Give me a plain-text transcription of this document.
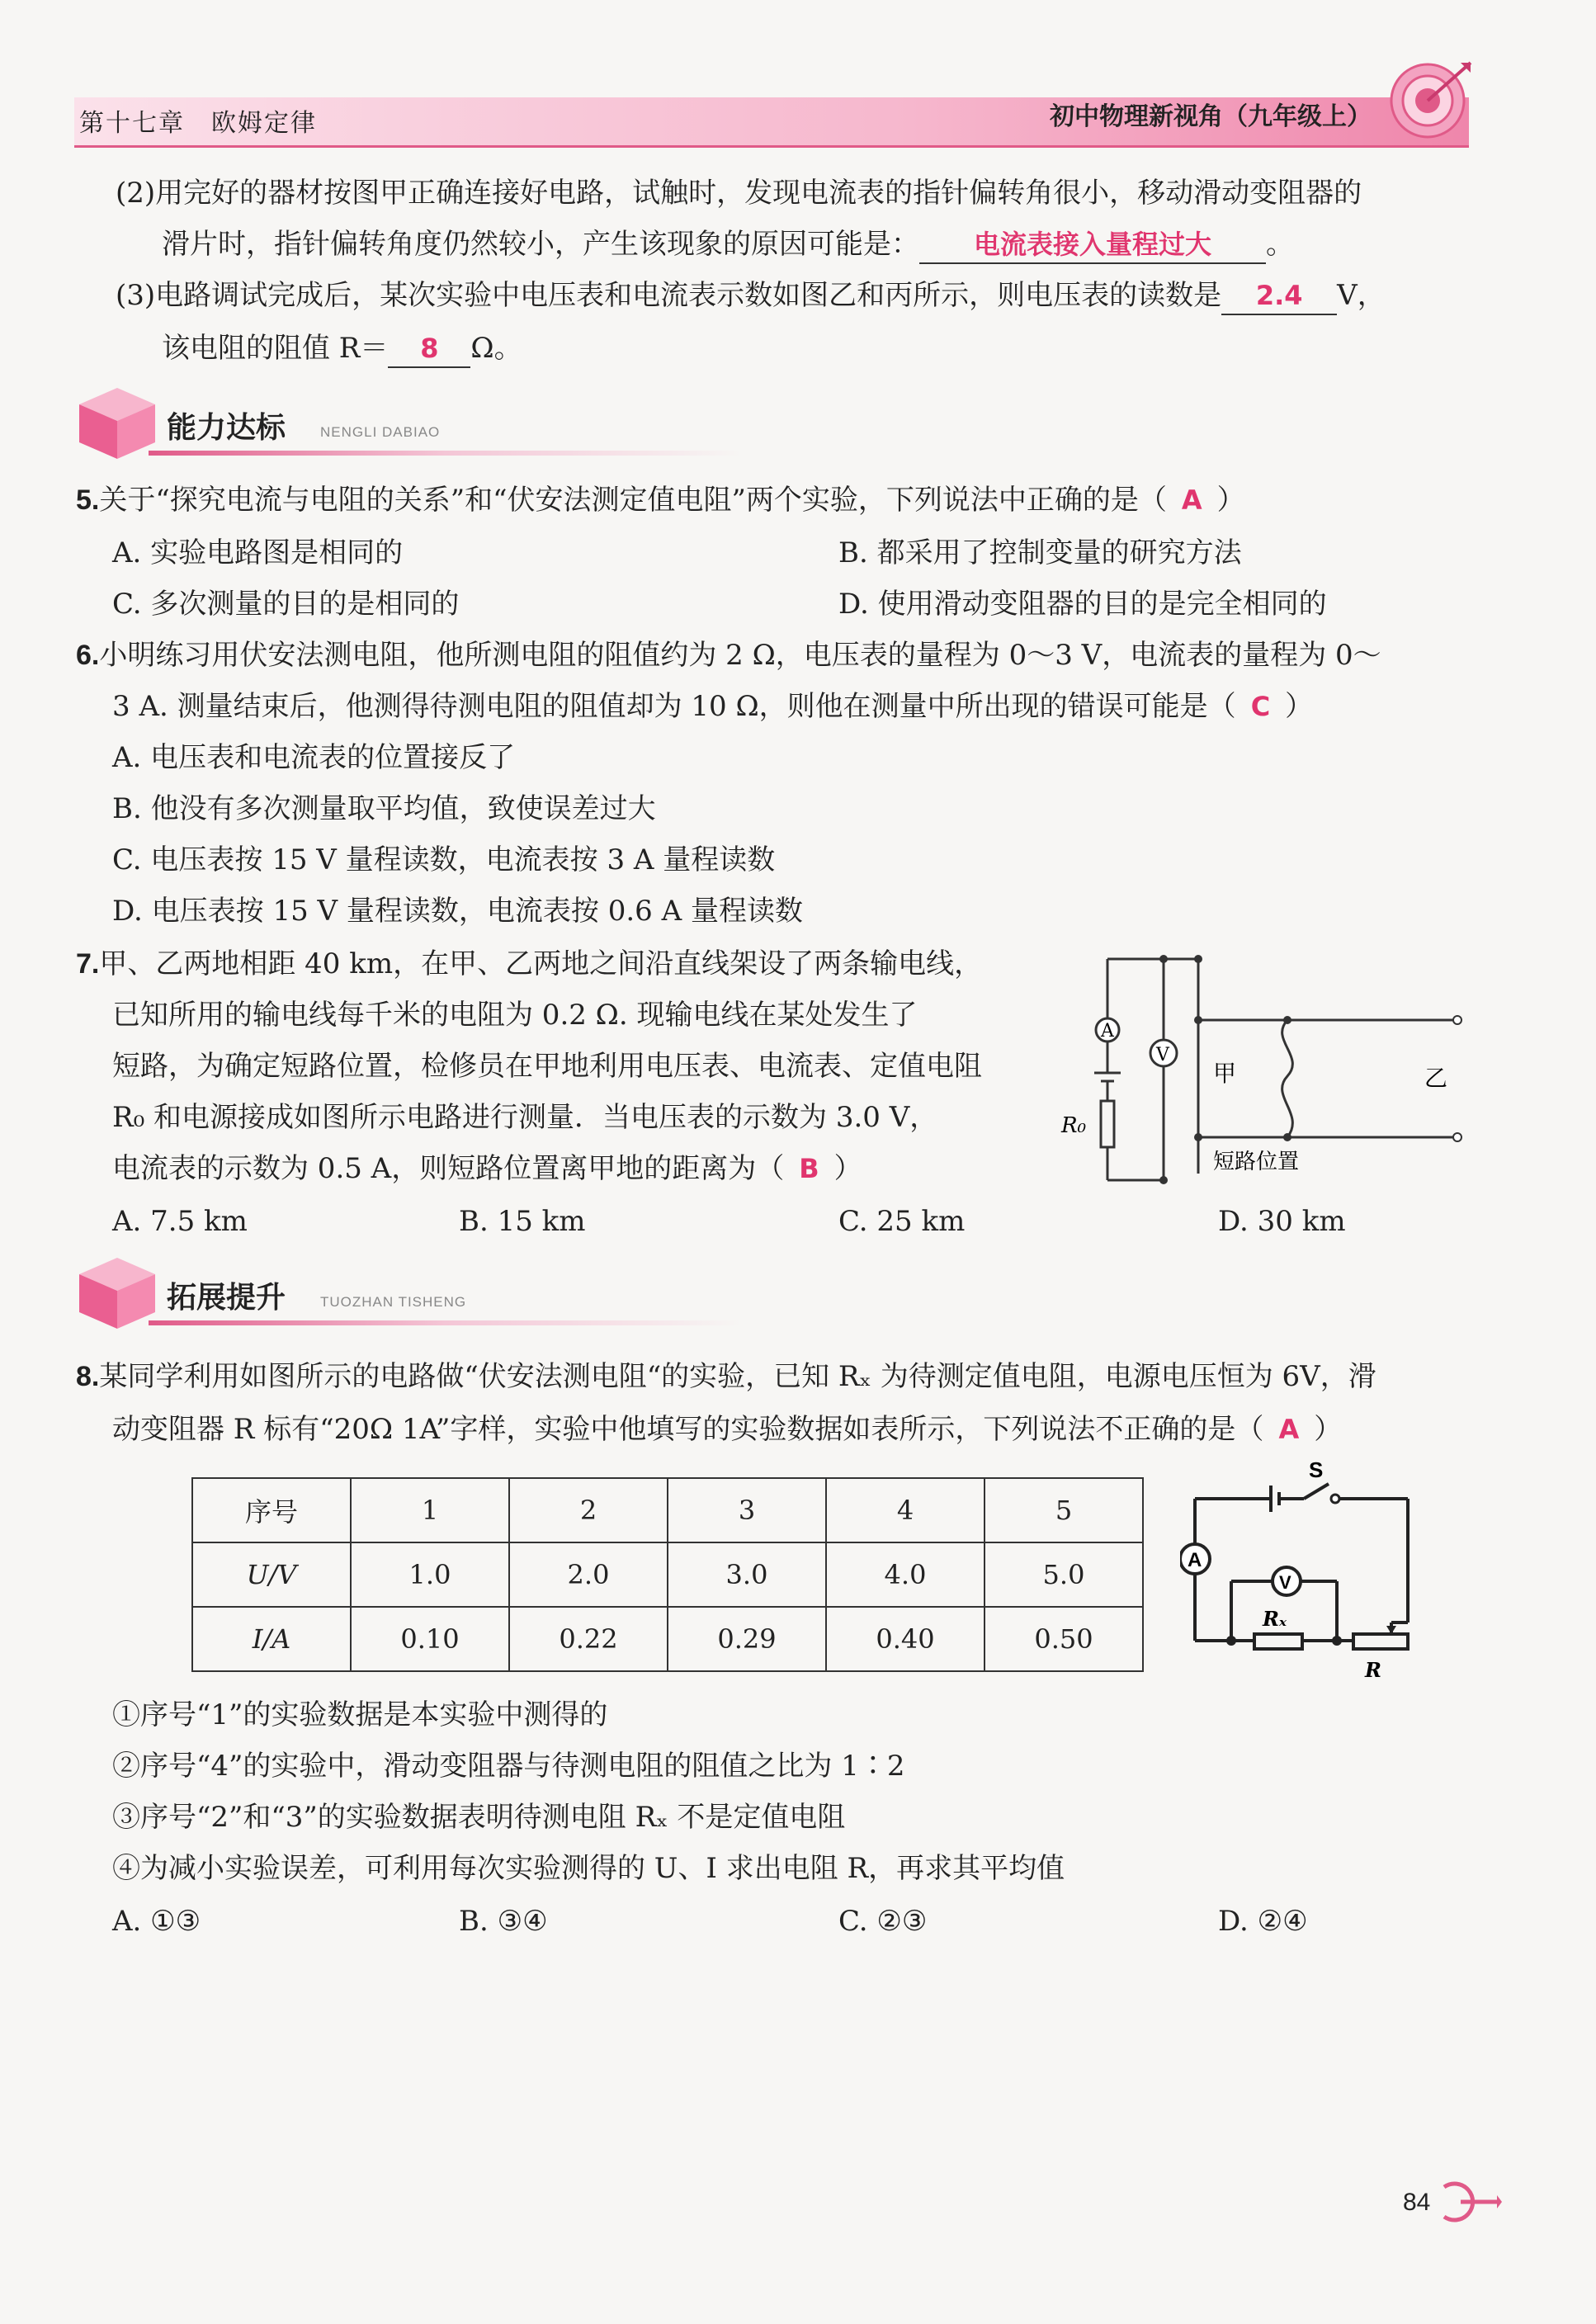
第十七章　欧姆定律	初中物理新视角（九年级上）
(2)用完好的器材按图甲正确连接好电路，试触时，发现电流表的指针偏转角很小，移动滑动变阻器的
滑片时，指针偏转角度仍然较小，产生该现象的原因可能是： 电流表接入量程过大 。
(3)电路调试完成后，某次实验中电压表和电流表示数如图乙和丙所示，则电压表的读数是 2.4 V，
该电阻的阻值 R＝ 8 Ω。
能力达标 NENGLI DABIAO
5.关于“探究电流与电阻的关系”和“伏安法测定值电阻”两个实验，下列说法中正确的是（ A ）
A. 实验电路图是相同的	B. 都采用了控制变量的研究方法
C. 多次测量的目的是相同的	D. 使用滑动变阻器的目的是完全相同的
6.小明练习用伏安法测电阻，他所测电阻的阻值约为 2 Ω，电压表的量程为 0～3 V，电流表的量程为 0～
3 A. 测量结束后，他测得待测电阻的阻值却为 10 Ω，则他在测量中所出现的错误可能是（ C ）
A. 电压表和电流表的位置接反了
B. 他没有多次测量取平均值，致使误差过大
C. 电压表按 15 V 量程读数，电流表按 3 A 量程读数
D. 电压表按 15 V 量程读数，电流表按 0.6 A 量程读数
7.甲、乙两地相距 40 km，在甲、乙两地之间沿直线架设了两条输电线，
已知所用的输电线每千米的电阻为 0.2 Ω. 现输电线在某处发生了
短路，为确定短路位置，检修员在甲地利用电压表、电流表、定值电阻
R₀ 和电源接成如图所示电路进行测量．当电压表的示数为 3.0 V，
电流表的示数为 0.5 A，则短路位置离甲地的距离为（ B ）
A. 7.5 km	B. 15 km	C. 25 km	D. 30 km
A
V
甲	乙
R₀
短路位置
拓展提升 TUOZHAN TISHENG
8.某同学利用如图所示的电路做“伏安法测电阻“的实验，已知 Rₓ 为待测定值电阻，电源电压恒为 6V，滑
动变阻器 R 标有“20Ω 1A”字样，实验中他填写的实验数据如表所示，下列说法不正确的是（ A ）
序号	1	2	3	4	5
U/V	1.0	2.0	3.0	4.0	5.0
I/A	0.10	0.22	0.29	0.40	0.50
S
A
V
Rₓ
R
①序号“1”的实验数据是本实验中测得的
②序号“4”的实验中，滑动变阻器与待测电阻的阻值之比为 1∶2
③序号“2”和“3”的实验数据表明待测电阻 Rₓ 不是定值电阻
④为减小实验误差，可利用每次实验测得的 U、I 求出电阻 R，再求其平均值
A. ①③	B. ③④	C. ②③	D. ②④
84
